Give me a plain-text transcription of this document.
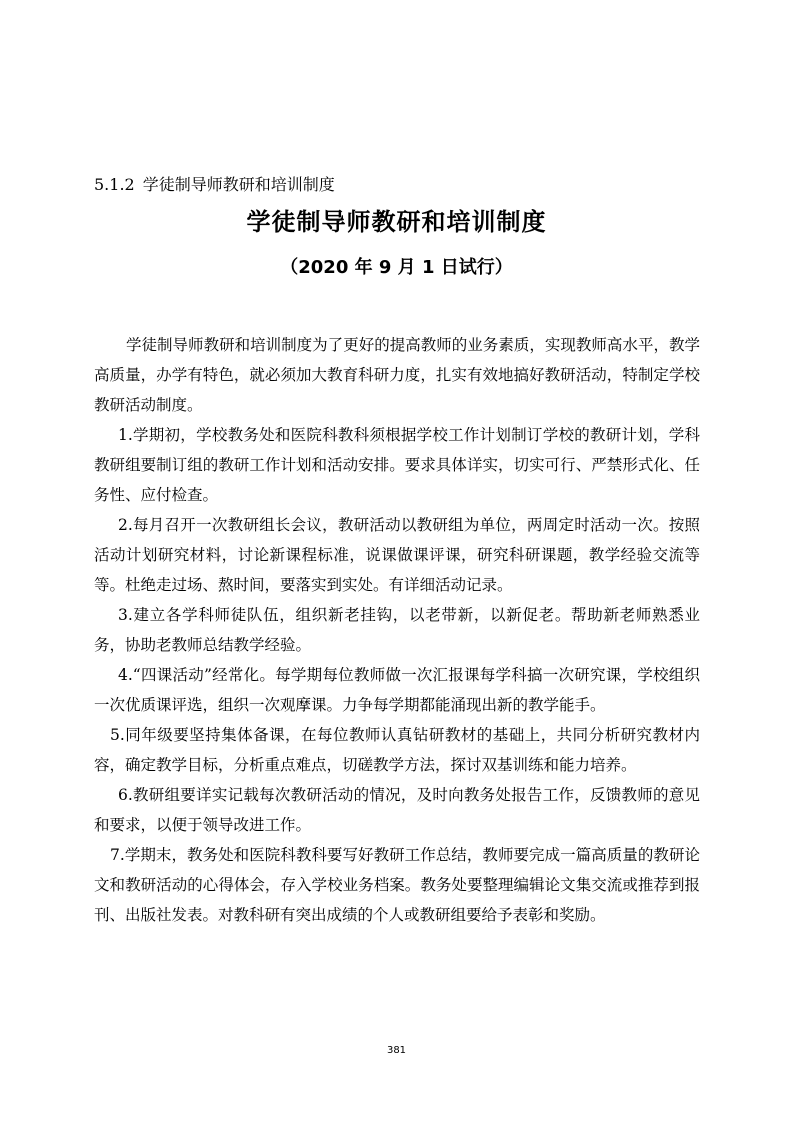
5.1.2 学徒制导师教研和培训制度
学徒制导师教研和培训制度
（2020 年 9 月 1 日试行）

学徒制导师教研和培训制度为了更好的提高教师的业务素质，实现教师高水平，教学高质量，办学有特色，就必须加大教育科研力度，扎实有效地搞好教研活动，特制定学校教研活动制度。

1.学期初，学校教务处和医院科教科须根据学校工作计划制订学校的教研计划，学科教研组要制订组的教研工作计划和活动安排。要求具体详实，切实可行、严禁形式化、任务性、应付检查。

2.每月召开一次教研组长会议，教研活动以教研组为单位，两周定时活动一次。按照活动计划研究材料，讨论新课程标准，说课做课评课，研究科研课题，教学经验交流等等。杜绝走过场、熬时间，要落实到实处。有详细活动记录。

3.建立各学科师徒队伍，组织新老挂钩，以老带新，以新促老。帮助新老师熟悉业务，协助老教师总结教学经验。

4.“四课活动”经常化。每学期每位教师做一次汇报课每学科搞一次研究课，学校组织一次优质课评选，组织一次观摩课。力争每学期都能涌现出新的教学能手。

5.同年级要坚持集体备课，在每位教师认真钻研教材的基础上，共同分析研究教材内容，确定教学目标，分析重点难点，切磋教学方法，探讨双基训练和能力培养。

6.教研组要详实记载每次教研活动的情况，及时向教务处报告工作，反馈教师的意见和要求，以便于领导改进工作。

7.学期末，教务处和医院科教科要写好教研工作总结，教师要完成一篇高质量的教研论文和教研活动的心得体会，存入学校业务档案。教务处要整理编辑论文集交流或推荐到报刊、出版社发表。对教科研有突出成绩的个人或教研组要给予表彰和奖励。

381
